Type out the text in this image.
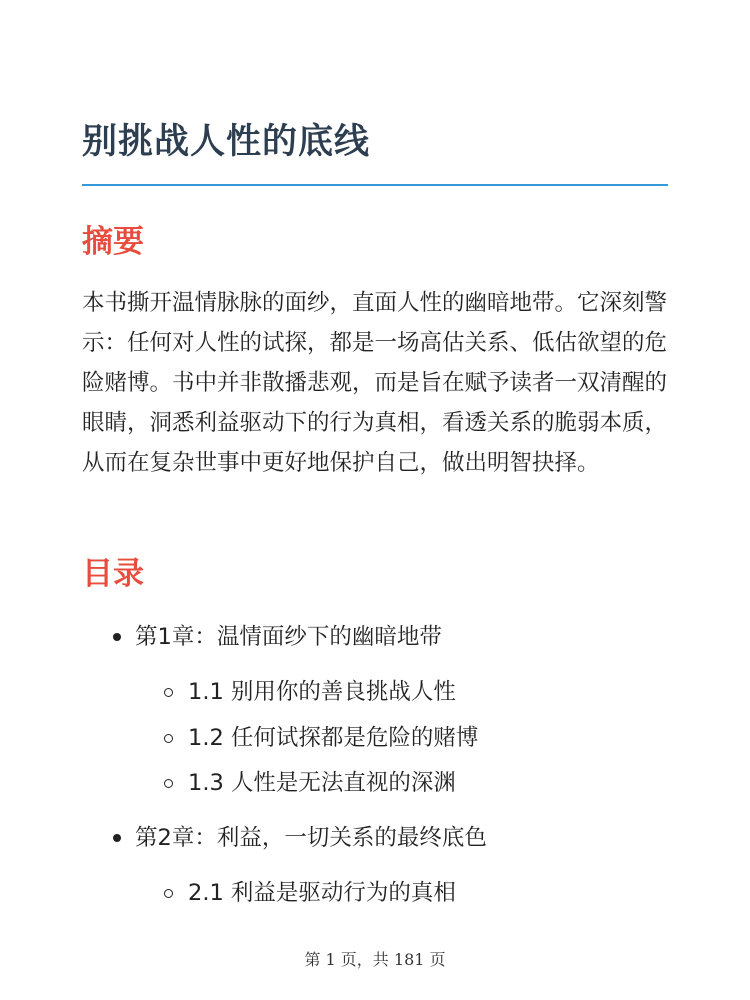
别挑战人性的底线
摘要

本书撕开温情脉脉的面纱，直面人性的幽暗地带。它深刻警示：任何对人性的试探，都是一场高估关系、低估欲望的危险赌博。书中并非散播悲观，而是旨在赋予读者一双清醒的眼睛，洞悉利益驱动下的行为真相，看透关系的脆弱本质，从而在复杂世事中更好地保护自己，做出明智抉择。

目录
第1章：温情面纱下的幽暗地带
1.1 别用你的善良挑战人性
1.2 任何试探都是危险的赌博
1.3 人性是无法直视的深渊
第2章：利益，一切关系的最终底色
2.1 利益是驱动行为的真相
第 1 页，共 181 页
